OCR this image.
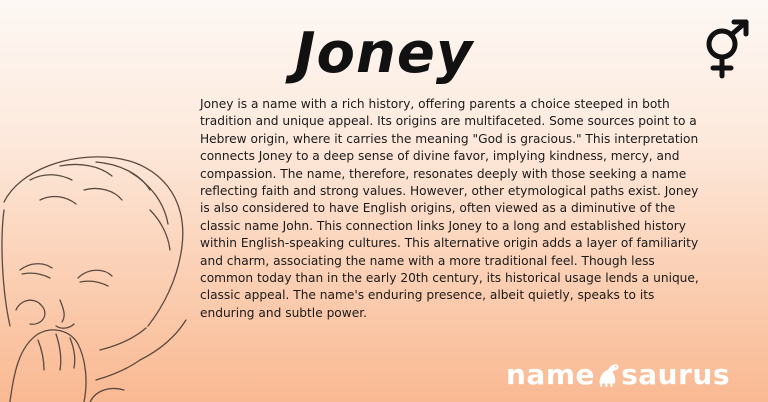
Joney

Joney is a name with a rich history, offering parents a choice steeped in both tradition and unique appeal. Its origins are multifaceted. Some sources point to a Hebrew origin, where it carries the meaning "God is gracious." This interpretation connects Joney to a deep sense of divine favor, implying kindness, mercy, and compassion. The name, therefore, resonates deeply with those seeking a name reflecting faith and strong values. However, other etymological paths exist. Joney is also considered to have English origins, often viewed as a diminutive of the classic name John. This connection links Joney to a long and established history within English-speaking cultures. This alternative origin adds a layer of familiarity and charm, associating the name with a more traditional feel. Though less common today than in the early 20th century, its historical usage lends a unique, classic appeal. The name's enduring presence, albeit quietly, speaks to its enduring and subtle power.

name saurus
